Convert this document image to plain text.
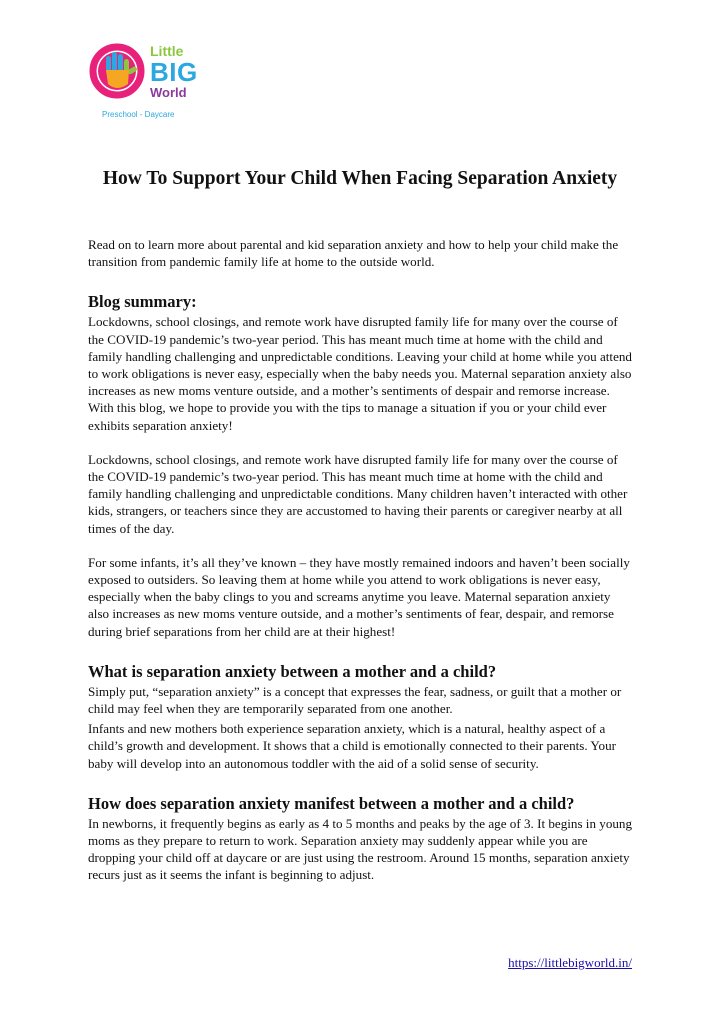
Little
BIG
World
Preschool - Daycare
How To Support Your Child When Facing Separation Anxiety

Read on to learn more about parental and kid separation anxiety and how to help your child make the transition from pandemic family life at home to the outside world.

Blog summary:

Lockdowns, school closings, and remote work have disrupted family life for many over the course of the COVID-19 pandemic’s two-year period. This has meant much time at home with the child and family handling challenging and unpredictable conditions. Leaving your child at home while you attend to work obligations is never easy, especially when the baby needs you. Maternal separation anxiety also increases as new moms venture outside, and a mother’s sentiments of despair and remorse increase. With this blog, we hope to provide you with the tips to manage a situation if you or your child ever exhibits separation anxiety!

Lockdowns, school closings, and remote work have disrupted family life for many over the course of the COVID-19 pandemic’s two-year period. This has meant much time at home with the child and family handling challenging and unpredictable conditions. Many children haven’t interacted with other kids, strangers, or teachers since they are accustomed to having their parents or caregiver nearby at all times of the day.

For some infants, it’s all they’ve known – they have mostly remained indoors and haven’t been socially exposed to outsiders. So leaving them at home while you attend to work obligations is never easy, especially when the baby clings to you and screams anytime you leave. Maternal separation anxiety also increases as new moms venture outside, and a mother’s sentiments of fear, despair, and remorse during brief separations from her child are at their highest!

What is separation anxiety between a mother and a child?

Simply put, “separation anxiety” is a concept that expresses the fear, sadness, or guilt that a mother or child may feel when they are temporarily separated from one another.

Infants and new mothers both experience separation anxiety, which is a natural, healthy aspect of a child’s growth and development. It shows that a child is emotionally connected to their parents. Your baby will develop into an autonomous toddler with the aid of a solid sense of security.

How does separation anxiety manifest between a mother and a child?

In newborns, it frequently begins as early as 4 to 5 months and peaks by the age of 3. It begins in young moms as they prepare to return to work. Separation anxiety may suddenly appear while you are dropping your child off at daycare or are just using the restroom. Around 15 months, separation anxiety recurs just as it seems the infant is beginning to adjust.

https://littlebigworld.in/
